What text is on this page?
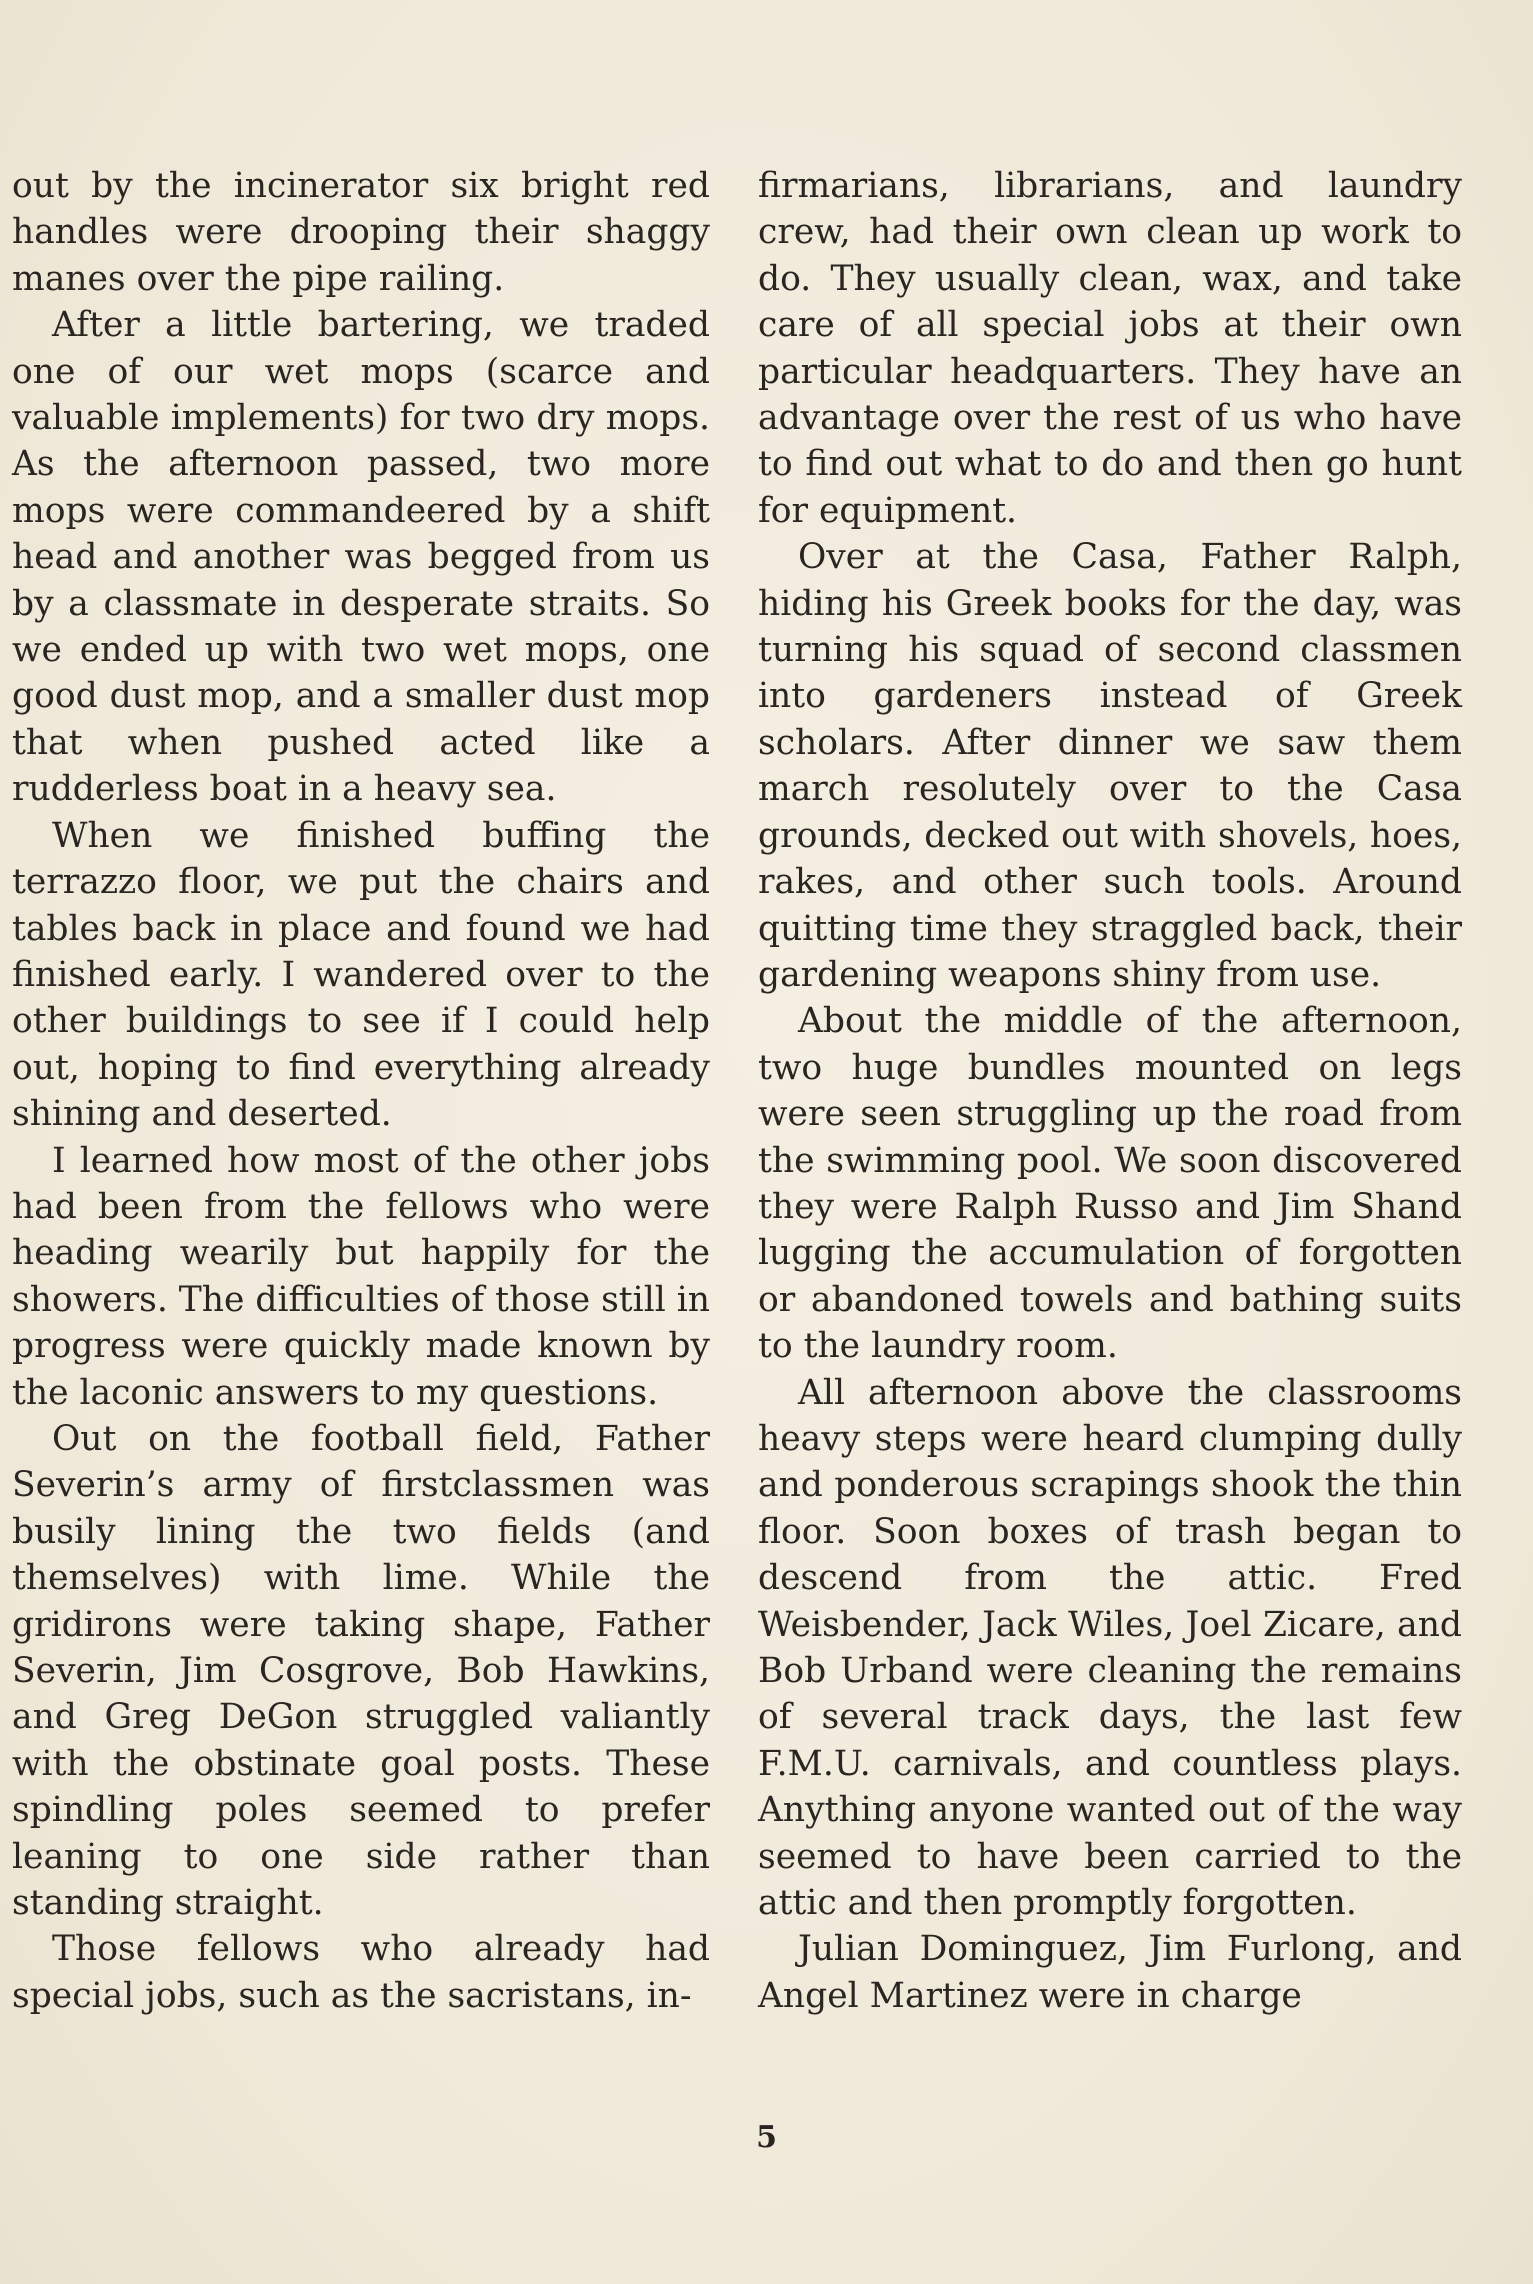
out by the incinerator six bright red handles were drooping their shaggy manes over the pipe railing.

After a little bartering, we traded one of our wet mops (scarce and valuable implements) for two dry mops. As the afternoon passed, two more mops were commandeered by a shift head and another was begged from us by a classmate in desperate straits. So we ended up with two wet mops, one good dust mop, and a smaller dust mop that when pushed acted like a rudderless boat in a heavy sea.

When we finished buffing the terrazzo floor, we put the chairs and tables back in place and found we had finished early. I wandered over to the other buildings to see if I could help out, hoping to find everything already shining and deserted.

I learned how most of the other jobs had been from the fellows who were heading wearily but happily for the showers. The difficulties of those still in progress were quickly made known by the laconic answers to my questions.

Out on the football field, Father Severin’s army of firstclassmen was busily lining the two fields (and themselves) with lime. While the gridirons were taking shape, Father Severin, Jim Cosgrove, Bob Hawkins, and Greg DeGon struggled valiantly with the obstinate goal posts. These spindling poles seemed to prefer leaning to one side rather than standing straight.

Those fellows who already had special jobs, such as the sacristans, in-

firmarians, librarians, and laundry crew, had their own clean up work to do. They usually clean, wax, and take care of all special jobs at their own particular headquarters. They have an advantage over the rest of us who have to find out what to do and then go hunt for equipment.

Over at the Casa, Father Ralph, hiding his Greek books for the day, was turning his squad of second classmen into gardeners instead of Greek scholars. After dinner we saw them march resolutely over to the Casa grounds, decked out with shovels, hoes, rakes, and other such tools. Around quitting time they straggled back, their gardening weapons shiny from use.

About the middle of the afternoon, two huge bundles mounted on legs were seen struggling up the road from the swimming pool. We soon discovered they were Ralph Russo and Jim Shand lugging the accumulation of forgotten or abandoned towels and bathing suits to the laundry room.

All afternoon above the classrooms heavy steps were heard clumping dully and ponderous scrapings shook the thin floor. Soon boxes of trash began to descend from the attic. Fred Weisbender, Jack Wiles, Joel Zicare, and Bob Urband were cleaning the remains of several track days, the last few F.M.U. carnivals, and countless plays. Anything anyone wanted out of the way seemed to have been carried to the attic and then promptly forgotten.

Julian Dominguez, Jim Furlong, and Angel Martinez were in charge

5
